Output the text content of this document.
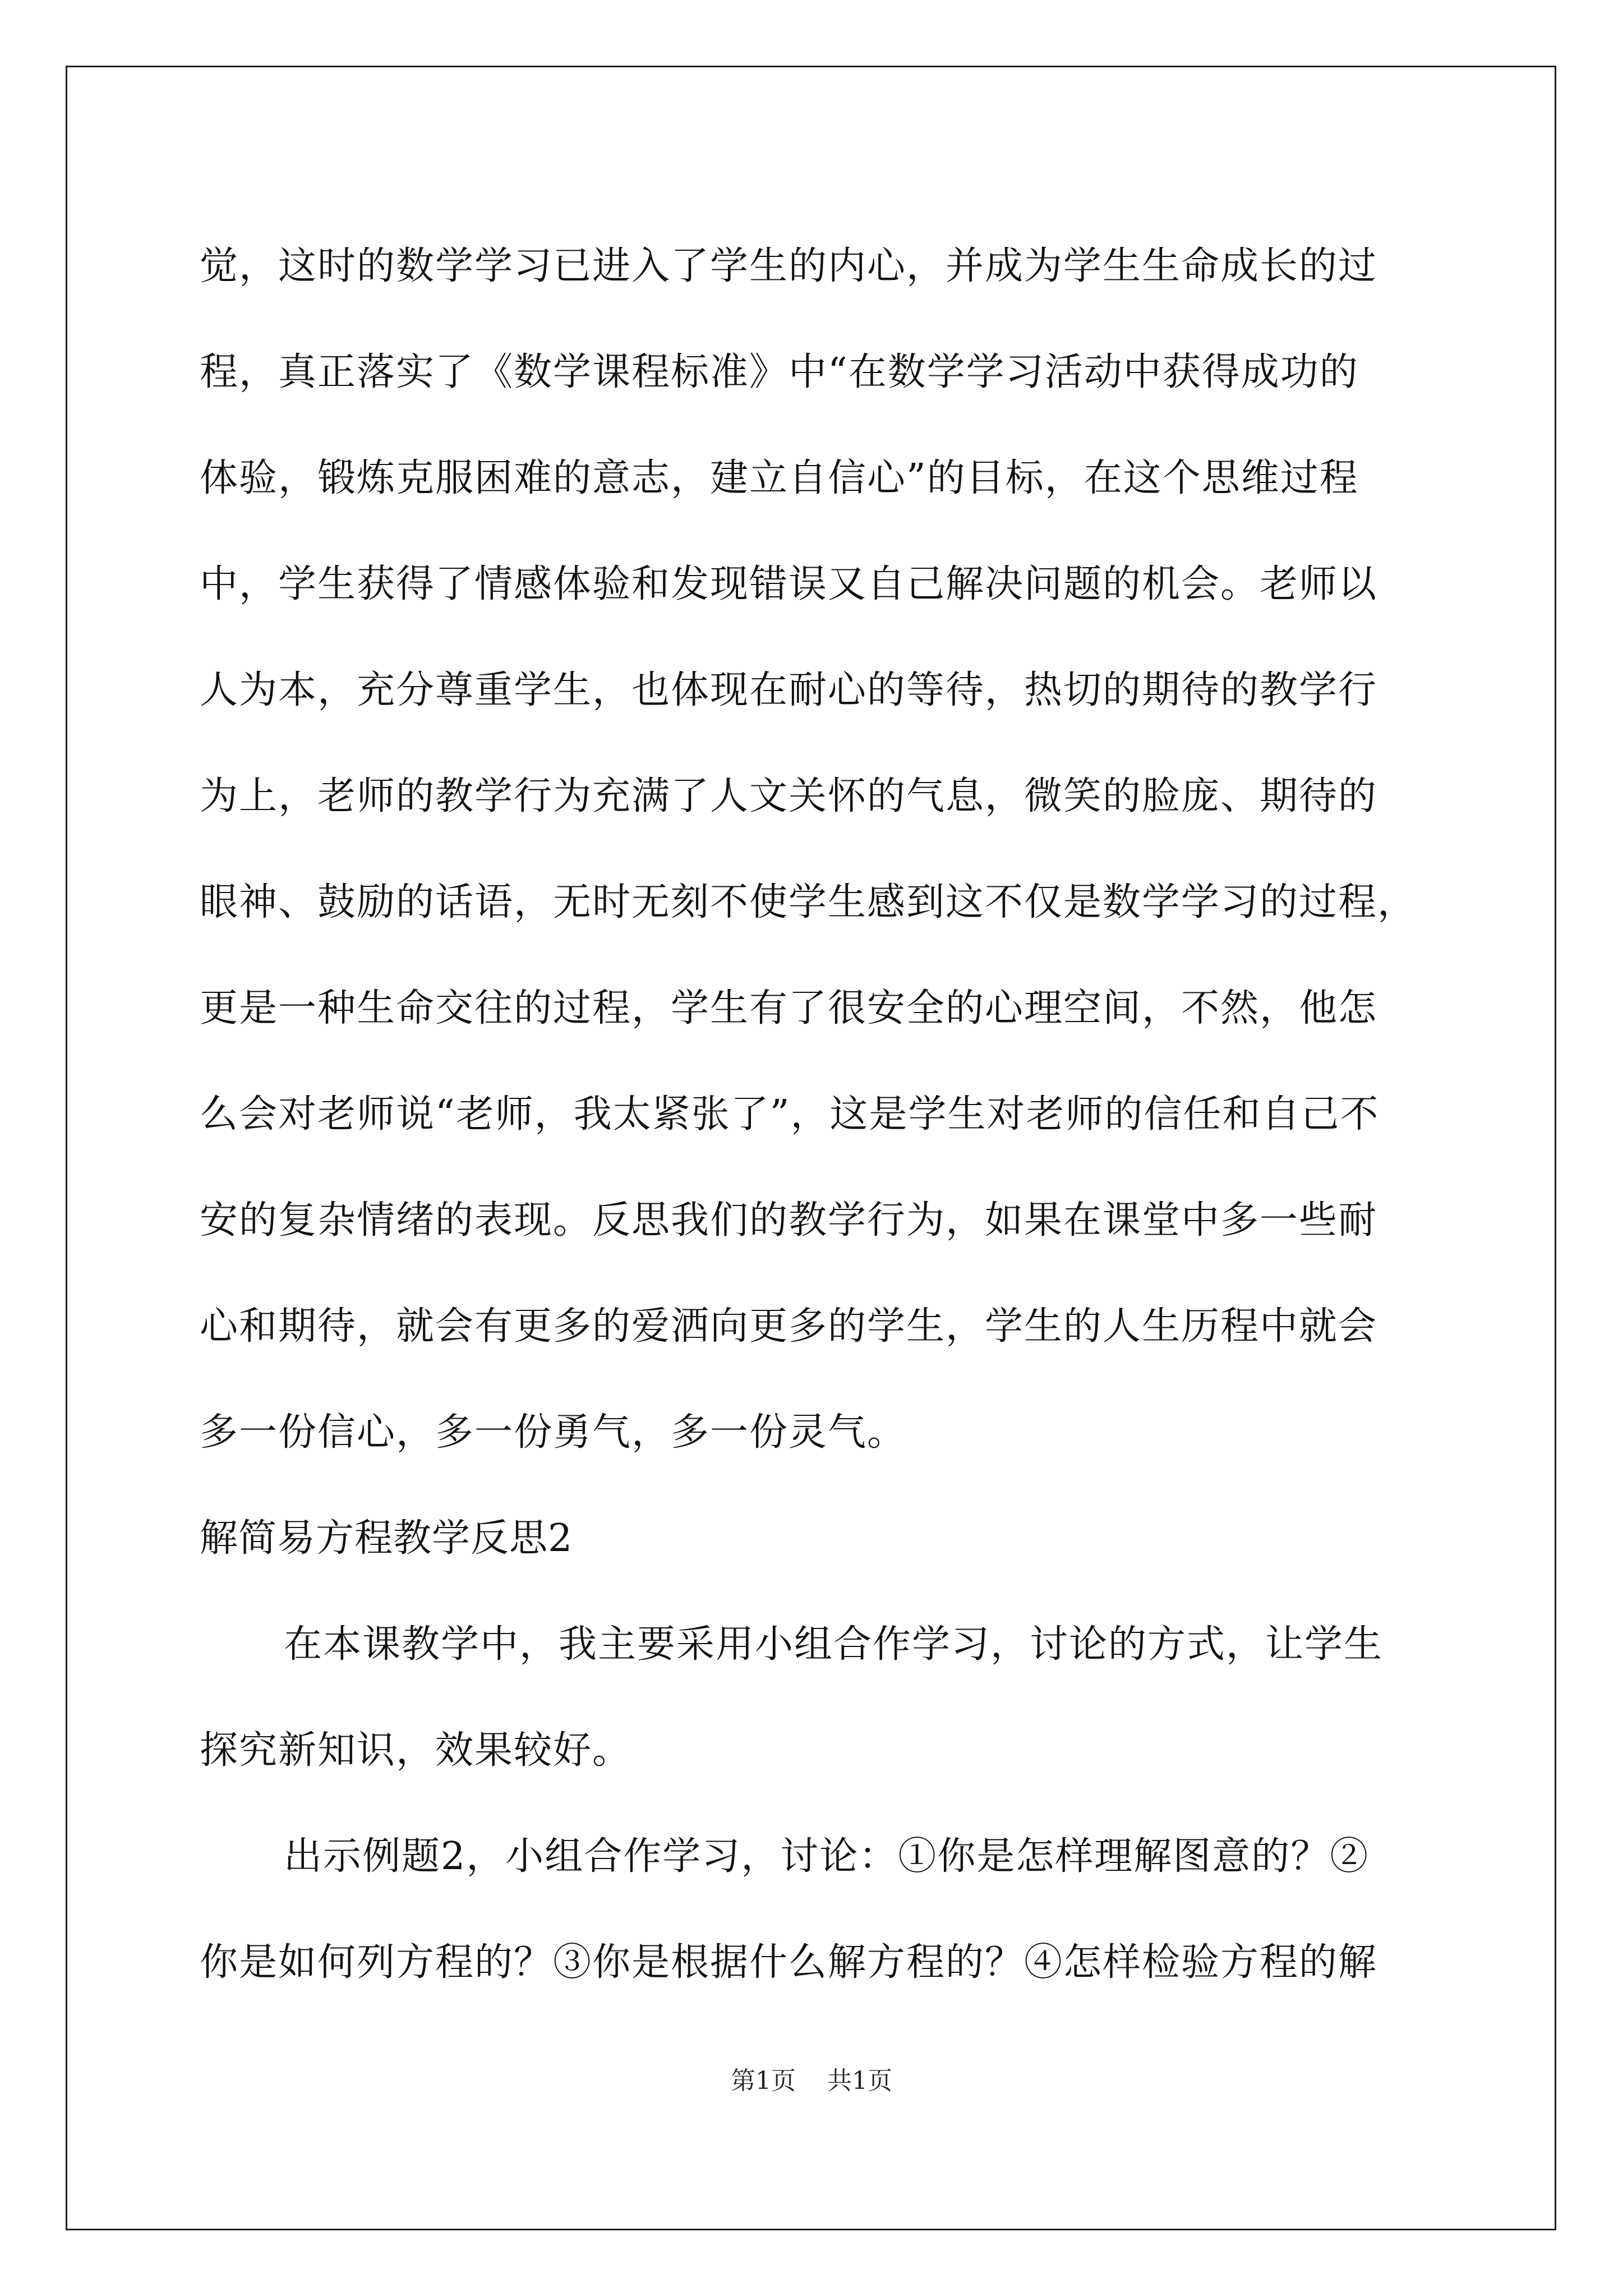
觉，这时的数学学习已进入了学生的内心，并成为学生生命成长的过
程，真正落实了《数学课程标准》中“在数学学习活动中获得成功的
体验，锻炼克服困难的意志，建立自信心”的目标，在这个思维过程
中，学生获得了情感体验和发现错误又自己解决问题的机会。老师以
人为本，充分尊重学生，也体现在耐心的等待，热切的期待的教学行
为上，老师的教学行为充满了人文关怀的气息，微笑的脸庞、期待的
眼神、鼓励的话语，无时无刻不使学生感到这不仅是数学学习的过程，
更是一种生命交往的过程，学生有了很安全的心理空间，不然，他怎
么会对老师说“老师，我太紧张了”，这是学生对老师的信任和自己不
安的复杂情绪的表现。反思我们的教学行为，如果在课堂中多一些耐
心和期待，就会有更多的爱洒向更多的学生，学生的人生历程中就会
多一份信心，多一份勇气，多一份灵气。
解简易方程教学反思2
在本课教学中，我主要采用小组合作学习，讨论的方式，让学生
探究新知识，效果较好。
出示例题2，小组合作学习，讨论：①你是怎样理解图意的？②
你是如何列方程的？③你是根据什么解方程的？④怎样检验方程的解
第1页 共1页
